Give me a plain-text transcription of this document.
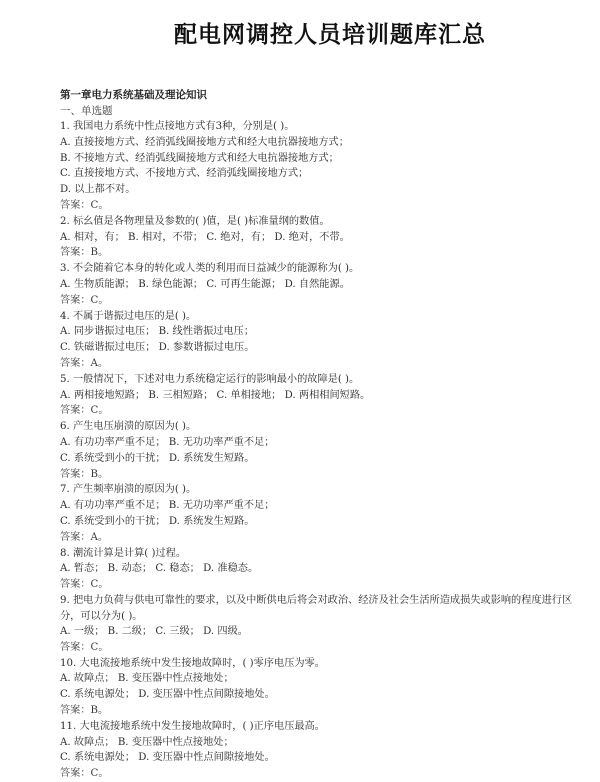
配电网调控人员培训题库汇总
第一章电力系统基础及理论知识
一、单选题
1. 我国电力系统中性点接地方式有3种，分别是( )。
A. 直接接地方式、经消弧线圈接地方式和经大电抗器接地方式；
B. 不接地方式、经消弧线圈接地方式和经大电抗器接地方式；
C. 直接接地方式、不接地方式、经消弧线圈接地方式；
D. 以上都不对。
答案：C。
2. 标幺值是各物理量及参数的( )值，是( )标准量纲的数值。
A. 相对，有； B. 相对，不带； C. 绝对，有； D. 绝对，不带。
答案：B。
3. 不会随着它本身的转化或人类的利用而日益减少的能源称为( )。
A. 生物质能源； B. 绿色能源； C. 可再生能源； D. 自然能源。
答案：C。
4. 不属于谐振过电压的是( )。
A. 同步谐振过电压； B. 线性谐振过电压；
C. 铁磁谐振过电压； D. 参数谐振过电压。
答案：A。
5. 一般情况下，下述对电力系统稳定运行的影响最小的故障是( )。
A. 两相接地短路； B. 三相短路； C. 单相接地； D. 两相相间短路。
答案：C。
6. 产生电压崩溃的原因为( )。
A. 有功功率严重不足； B. 无功功率严重不足；
C. 系统受到小的干扰； D. 系统发生短路。
答案：B。
7. 产生频率崩溃的原因为( )。
A. 有功功率严重不足； B. 无功功率严重不足；
C. 系统受到小的干扰； D. 系统发生短路。
答案：A。
8. 潮流计算是计算( )过程。
A. 暂态； B. 动态； C. 稳态； D. 准稳态。
答案：C。
9. 把电力负荷与供电可靠性的要求，以及中断供电后将会对政治、经济及社会生活所造成损失或影响的程度进行区分，可以分为( )。
A. 一级； B. 二级； C. 三级； D. 四级。
答案：C。
10. 大电流接地系统中发生接地故障时，( )零序电压为零。
A. 故障点； B. 变压器中性点接地处；
C. 系统电源处； D. 变压器中性点间隙接地处。
答案：B。
11. 大电流接地系统中发生接地故障时，( )正序电压最高。
A. 故障点； B. 变压器中性点接地处；
C. 系统电源处； D. 变压器中性点间隙接地处。
答案：C。
